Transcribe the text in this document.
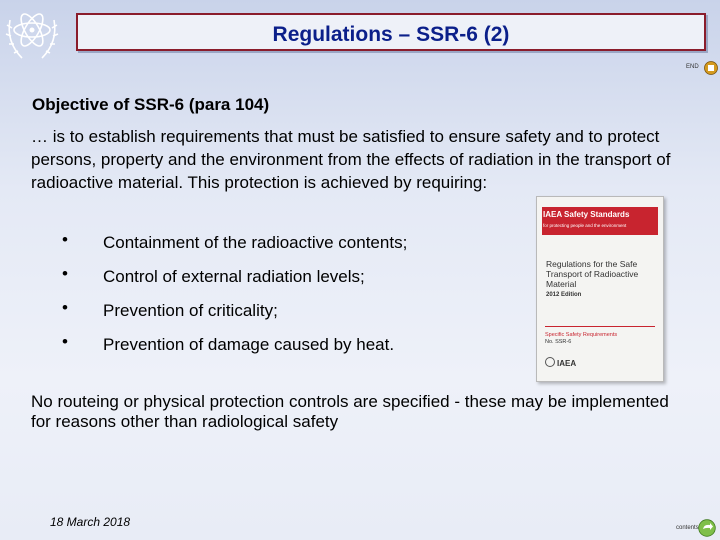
Regulations – SSR-6 (2)
END
Objective of SSR-6 (para 104)
… is to establish requirements that must be satisfied to ensure safety and to protect persons, property and the environment from the effects of radiation in the transport of radioactive material. This protection is achieved by requiring:
• Containment of the radioactive contents;
• Control of external radiation levels;
• Prevention of criticality;
• Prevention of damage caused by heat.
IAEA Safety Standards
for protecting people and the environment
Regulations for the Safe Transport of Radioactive Material
2012 Edition
Specific Safety Requirements
No. SSR-6
IAEA
No routeing or physical protection controls are specified - these may be implemented for reasons other than radiological safety
18 March 2018	contents
